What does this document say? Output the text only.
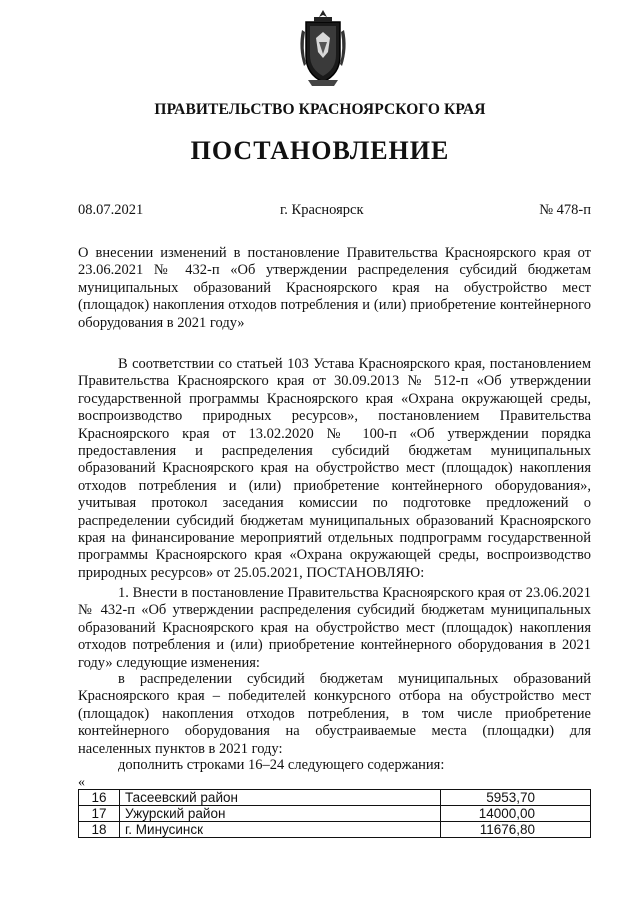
ПРАВИТЕЛЬСТВО КРАСНОЯРСКОГО КРАЯ
ПОСТАНОВЛЕНИЕ
08.07.2021	г. Красноярск	№ 478-п

О внесении изменений в постановление Правительства Красноярского края от 23.06.2021 № 432-п «Об утверждении распределения субсидий бюджетам муниципальных образований Красноярского края на обустройство мест (площадок) накопления отходов потребления и (или) приобретение контейнерного оборудования в 2021 году»

В соответствии со статьей 103 Устава Красноярского края, постановлением Правительства Красноярского края от 30.09.2013 № 512-п «Об утверждении государственной программы Красноярского края «Охрана окружающей среды, воспроизводство природных ресурсов», постановлением Правительства Красноярского края от 13.02.2020 № 100-п «Об утверждении порядка предоставления и распределения субсидий бюджетам муниципальных образований Красноярского края на обустройство мест (площадок) накопления отходов потребления и (или) приобретение контейнерного оборудования», учитывая протокол заседания комиссии по подготовке предложений о распределении субсидий бюджетам муниципальных образований Красноярского края на финансирование мероприятий отдельных подпрограмм государственной программы Красноярского края «Охрана окружающей среды, воспроизводство природных ресурсов» от 25.05.2021, ПОСТАНОВЛЯЮ:

1. Внести в постановление Правительства Красноярского края от 23.06.2021 № 432-п «Об утверждении распределения субсидий бюджетам муниципальных образований Красноярского края на обустройство мест (площадок) накопления отходов потребления и (или) приобретение контейнерного оборудования в 2021 году» следующие изменения:

в распределении субсидий бюджетам муниципальных образований Красноярского края – победителей конкурсного отбора на обустройство мест (площадок) накопления отходов потребления, в том числе приобретение контейнерного оборудования на обустраиваемые места (площадки) для населенных пунктов в 2021 году:

дополнить строками 16–24 следующего содержания:
«
16	Тасеевский район	5953,70
17	Ужурский район	14000,00
18	г. Минусинск	11676,80
